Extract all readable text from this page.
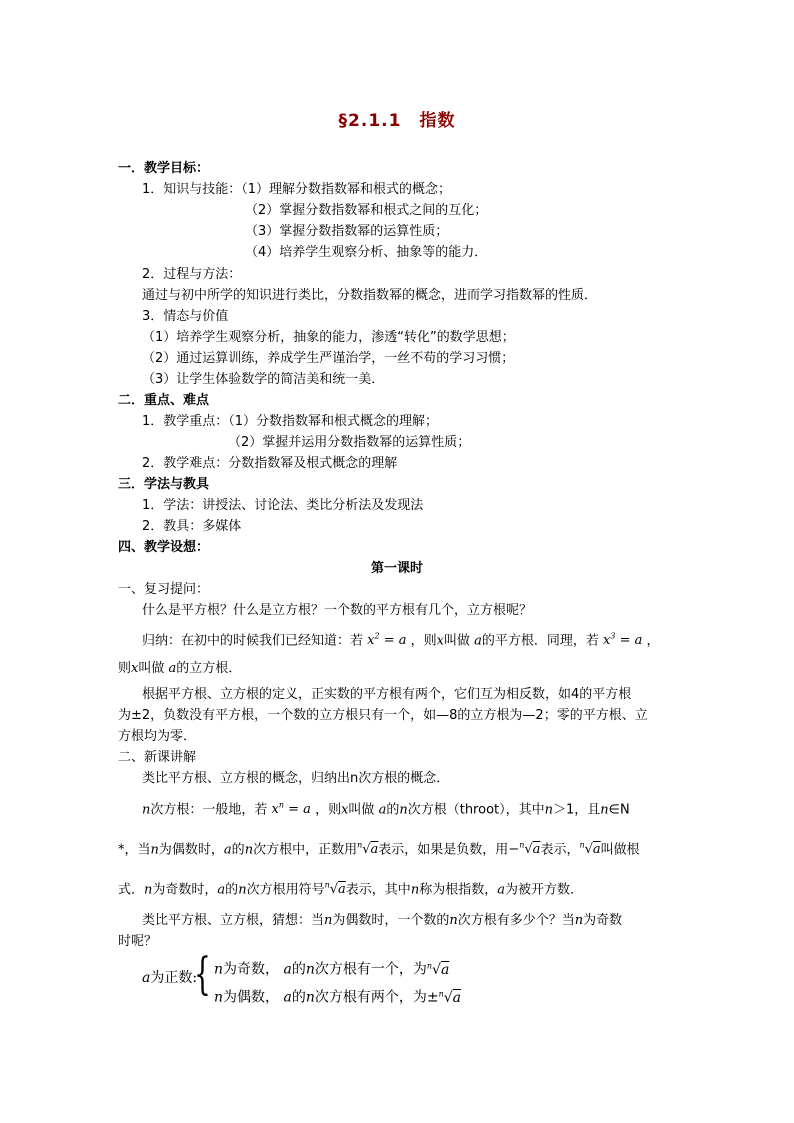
§2.1.1　指数
一．教学目标：
1．知识与技能：（1）理解分数指数幂和根式的概念；
（2）掌握分数指数幂和根式之间的互化；
（3）掌握分数指数幂的运算性质；
（4）培养学生观察分析、抽象等的能力．
2．过程与方法：
通过与初中所学的知识进行类比，分数指数幂的概念，进而学习指数幂的性质．
3．情态与价值
（1）培养学生观察分析，抽象的能力，渗透“转化”的数学思想；
（2）通过运算训练，养成学生严谨治学，一丝不苟的学习习惯；
（3）让学生体验数学的简洁美和统一美．
二．重点、难点
1．教学重点：（1）分数指数幂和根式概念的理解；
（2）掌握并运用分数指数幂的运算性质；
2．教学难点：分数指数幂及根式概念的理解
三．学法与教具
1．学法：讲授法、讨论法、类比分析法及发现法
2．教具：多媒体
四、教学设想：
第一课时
一、复习提问：
什么是平方根？什么是立方根？一个数的平方根有几个，立方根呢？
归纳：在初中的时候我们已经知道：若 $x^2 = a$ ，则x叫做 a的平方根．同理，若 $x^3 = a$ ，
则x叫做 a的立方根．
根据平方根、立方根的定义，正实数的平方根有两个，它们互为相反数，如4的平方根
为±2，负数没有平方根，一个数的立方根只有一个，如—8的立方根为—2；零的平方根、立
方根均为零．
二、新课讲解
类比平方根、立方根的概念，归纳出n次方根的概念．
n次方根：一般地，若 $x^n = a$ ，则x叫做 a的n次方根（throot），其中n＞1，且n∈N
*，当n为偶数时，a的n次方根中，正数用$^n$√a表示，如果是负数，用−$^n$√a表示，$^n$√a叫做根
式．n为奇数时，a的n次方根用符号$^n$√a表示，其中n称为根指数，a为被开方数．
类比平方根、立方根，猜想：当n为偶数时，一个数的n次方根有多少个？当n为奇数
时呢？
a为正数:
{ n为奇数， a的n次方根有一个，为$^n$√a
n为偶数， a的n次方根有两个，为±$^n$√a
